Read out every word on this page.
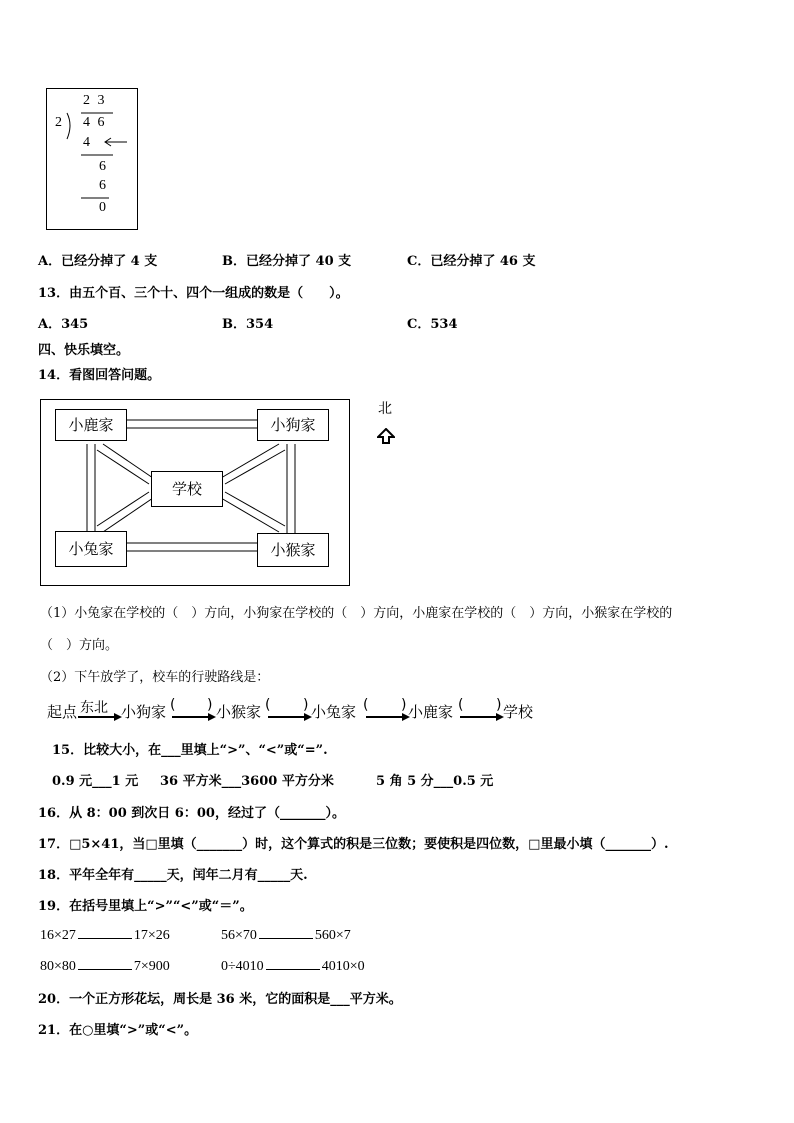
2 3
2 4 6
4
6
6
0
A．已经分掉了 4 支	B．已经分掉了 40 支	C．已经分掉了 46 支
13．由五个百、三个十、四个一组成的数是（　　）。
A．345	B．354	C．534
四、快乐填空。
14．看图回答问题。
小鹿家	小狗家
学校
小兔家	小猴家
北
（1）小兔家在学校的（　）方向，小狗家在学校的（　）方向，小鹿家在学校的（　）方向，小猴家在学校的
（　）方向。
（2）下午放学了，校车的行驶路线是：
起点 东北 小狗家 ( ) 小猴家 ( ) 小兔家 ( ) 小鹿家 ( ) 学校
15．比较大小，在___里填上“>”、“<”或“=”.
0.9 元___1 元 36 平方米___3600 平方分米	5 角 5 分___0.5 元
16．从 8：00 到次日 6：00，经过了（_______）。
17．□5×41，当□里填（_______）时，这个算式的积是三位数；要使积是四位数，□里最小填（_______）.
18．平年全年有_____天，闰年二月有_____天.
19．在括号里填上“>”“<”或“＝”。
16×27	17×26	56×70	560×7
80×80	7×900	0÷4010	4010×0
20．一个正方形花坛，周长是 36 米，它的面积是___平方米。
21．在○里填“>”或“<”。
